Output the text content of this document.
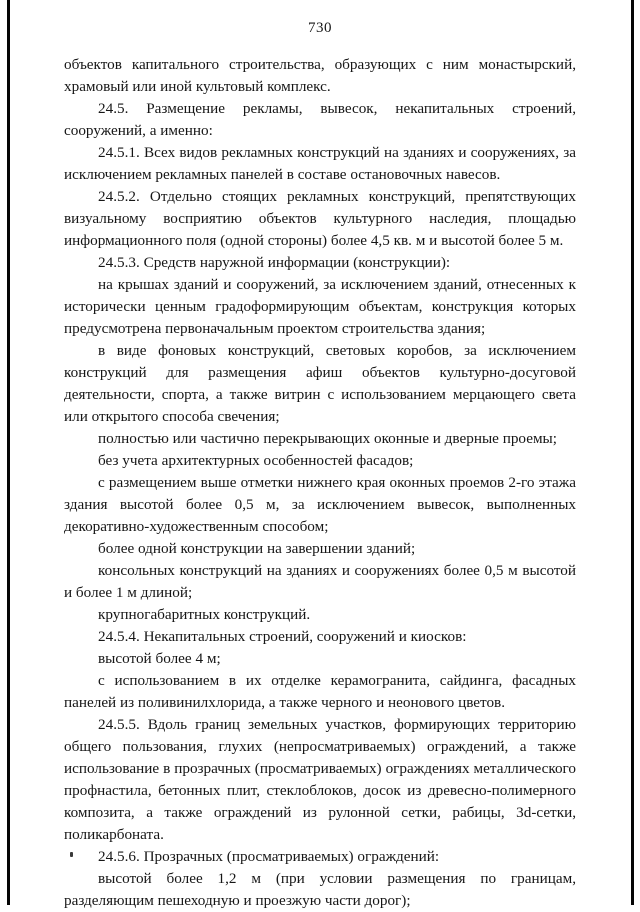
730

объектов капитального строительства, образующих с ним монастырский, храмовый или иной культовый комплекс.

24.5. Размещение рекламы, вывесок, некапитальных строений, сооружений, а именно:

24.5.1. Всех видов рекламных конструкций на зданиях и сооружениях, за исключением рекламных панелей в составе остановочных навесов.

24.5.2. Отдельно стоящих рекламных конструкций, препятствующих визуальному восприятию объектов культурного наследия, площадью информационного поля (одной стороны) более 4,5 кв. м и высотой более 5 м.

24.5.3. Средств наружной информации (конструкции):

на крышах зданий и сооружений, за исключением зданий, отнесенных к исторически ценным градоформирующим объектам, конструкция которых предусмотрена первоначальным проектом строительства здания;

в виде фоновых конструкций, световых коробов, за исключением конструкций для размещения афиш объектов культурно-досуговой деятельности, спорта, а также витрин с использованием мерцающего света или открытого способа свечения;

полностью или частично перекрывающих оконные и дверные проемы;

без учета архитектурных особенностей фасадов;

с размещением выше отметки нижнего края оконных проемов 2-го этажа здания высотой более 0,5 м, за исключением вывесок, выполненных декоративно-художественным способом;

более одной конструкции на завершении зданий;

консольных конструкций на зданиях и сооружениях более 0,5 м высотой и более 1 м длиной;

крупногабаритных конструкций.

24.5.4. Некапитальных строений, сооружений и киосков:

высотой более 4 м;

с использованием в их отделке керамогранита, сайдинга, фасадных панелей из поливинилхлорида, а также черного и неонового цветов.

24.5.5. Вдоль границ земельных участков, формирующих территорию общего пользования, глухих (непросматриваемых) ограждений, а также использование в прозрачных (просматриваемых) ограждениях металлического профнастила, бетонных плит, стеклоблоков, досок из древесно-полимерного композита, а также ограждений из рулонной сетки, рабицы, 3d-сетки, поликарбоната.

24.5.6. Прозрачных (просматриваемых) ограждений:

высотой более 1,2 м (при условии размещения по границам, разделяющим пешеходную и проезжую части дорог);
